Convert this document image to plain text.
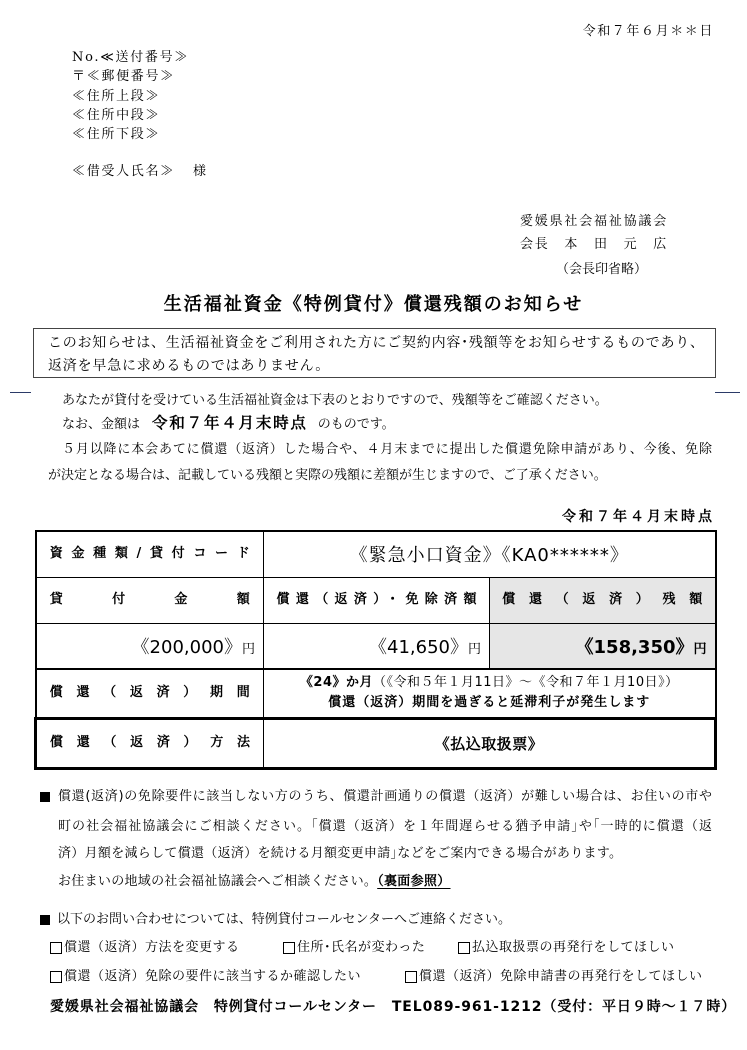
令和７年６月＊＊日
No.≪送付番号≫
〒≪郵便番号≫
≪住所上段≫
≪住所中段≫
≪住所下段≫
≪借受人氏名≫ 様
愛媛県社会福祉協議会
会長　本　田　元　広
（会長印省略）
生活福祉資金《特例貸付》償還残額のお知らせ
このお知らせは、生活福祉資金をご利用された方にご契約内容･残額等をお知らせするものであり、
返済を早急に求めるものではありません。
あなたが貸付を受けている生活福祉資金は下表のとおりですので、残額等をご確認ください。
なお、金額は 令和７年４月末時点 のものです。
５月以降に本会あてに償還（返済）した場合や、４月末までに提出した償還免除申請があり、今後、免除
が決定となる場合は、記載している残額と実際の残額に差額が生じますので、ご了承ください。
令和７年４月末時点
資金種類/貸付コード	《緊急小口資金》《KA0******》	

貸付金額	償還（返済）・免除済額	償還（返済）残額

《200,000》円	《41,650》円	《158,350》円

償還（返済）期間	《24》か月（《令和５年１月11日》～《令和７年１月10日》）
償還（返済）期間を過ぎると延滞利子が発生します	

償還（返済）方法	《払込取扱票》	
償還(返済)の免除要件に該当しない方のうち、償還計画通りの償還（返済）が難しい場合は、お住いの市や
町の社会福祉協議会にご相談ください。｢償還（返済）を１年間遅らせる猶予申請｣や｢一時的に償還（返
済）月額を減らして償還（返済）を続ける月額変更申請｣などをご案内できる場合があります。
お住まいの地域の社会福祉協議会へご相談ください。（裏面参照）
以下のお問い合わせについては、特例貸付コールセンターへご連絡ください。
償還（返済）方法を変更する	住所･氏名が変わった	払込取扱票の再発行をしてほしい
償還（返済）免除の要件に該当するか確認したい	償還（返済）免除申請書の再発行をしてほしい
愛媛県社会福祉協議会　特例貸付コールセンター　TEL089-961-1212（受付：平日９時～１７時）
